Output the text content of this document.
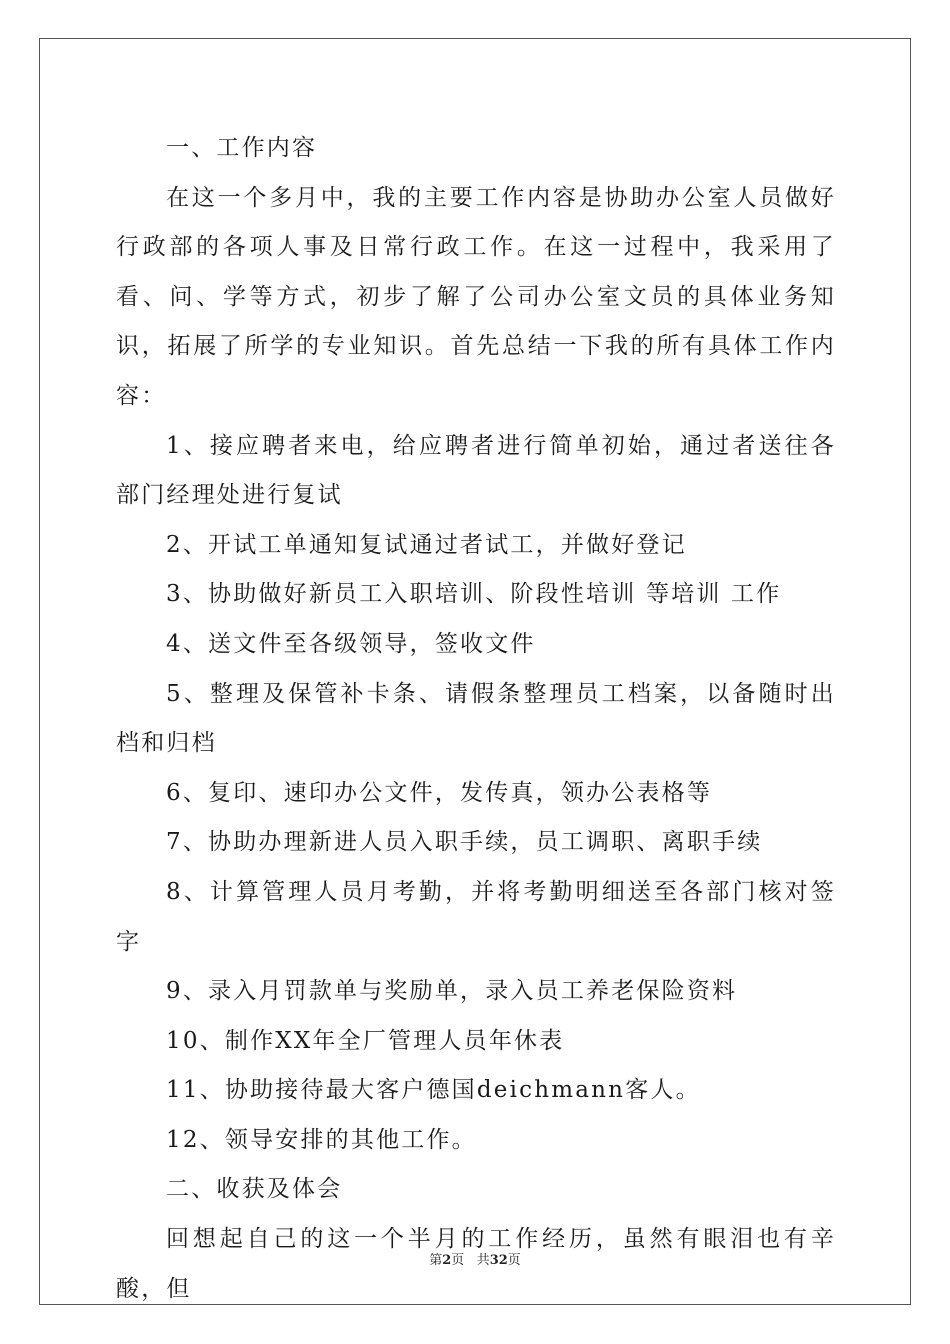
一、工作内容

在这一个多月中，我的主要工作内容是协助办公室人员做好行政部的各项人事及日常行政工作。在这一过程中，我采用了看、问、学等方式，初步了解了公司办公室文员的具体业务知识，拓展了所学的专业知识。首先总结一下我的所有具体工作内容：

1、接应聘者来电，给应聘者进行简单初始，通过者送往各部门经理处进行复试

2、开试工单通知复试通过者试工，并做好登记

3、协助做好新员工入职培训、阶段性培训 等培训 工作

4、送文件至各级领导，签收文件

5、整理及保管补卡条、请假条整理员工档案，以备随时出档和归档

6、复印、速印办公文件，发传真，领办公表格等

7、协助办理新进人员入职手续，员工调职、离职手续

8、计算管理人员月考勤，并将考勤明细送至各部门核对签字

9、录入月罚款单与奖励单，录入员工养老保险资料

10、制作XX年全厂管理人员年休表

11、协助接待最大客户德国deichmann客人。

12、领导安排的其他工作。

二、收获及体会

回想起自己的这一个半月的工作经历，虽然有眼泪也有辛酸，但

第2页 共32页
